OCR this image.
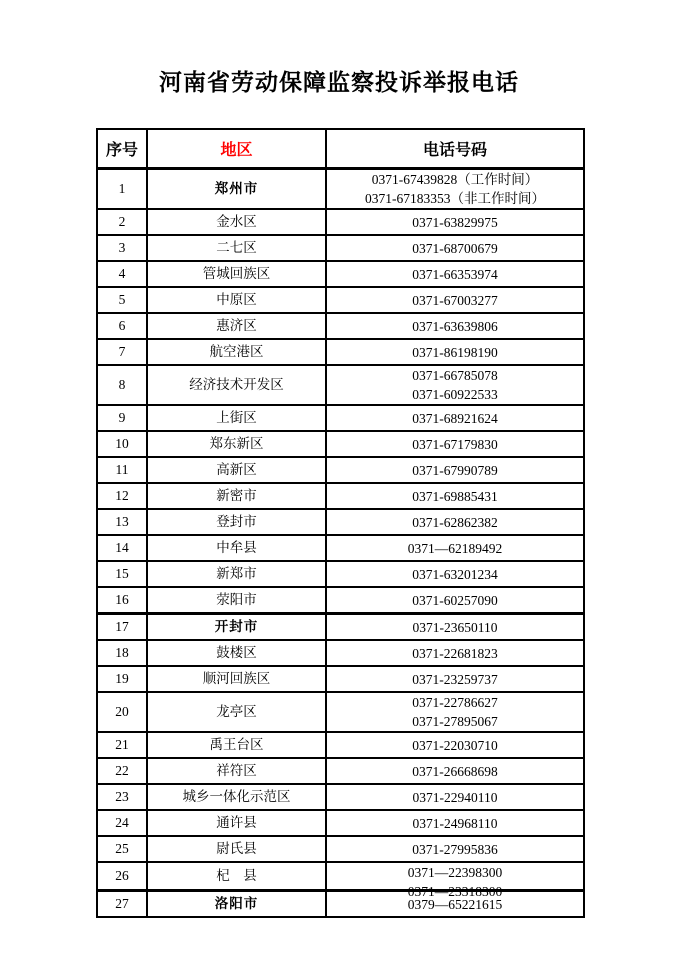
河南省劳动保障监察投诉举报电话
序号	地区	电话号码
1	郑州市	0371-67439828（工作时间）
0371-67183353（非工作时间）

2	金水区	0371-63829975

3	二七区	0371-68700679

4	管城回族区	0371-66353974

5	中原区	0371-67003277

6	惠济区	0371-63639806

7	航空港区	0371-86198190

8	经济技术开发区	0371-66785078
0371-60922533

9	上街区	0371-68921624

10	郑东新区	0371-67179830

11	高新区	0371-67990789

12	新密市	0371-69885431

13	登封市	0371-62862382

14	中牟县	0371—62189492

15	新郑市	0371-63201234

16	荥阳市	0371-60257090

17	开封市	0371-23650110

18	鼓楼区	0371-22681823

19	顺河回族区	0371-23259737

20	龙亭区	0371-22786627
0371-27895067

21	禹王台区	0371-22030710

22	祥符区	0371-26668698

23	城乡一体化示范区	0371-22940110

24	通许县	0371-24968110

25	尉氏县	0371-27995836

26	杞　县	0371—22398300
0371—23318300

27	洛阳市	0379—65221615
